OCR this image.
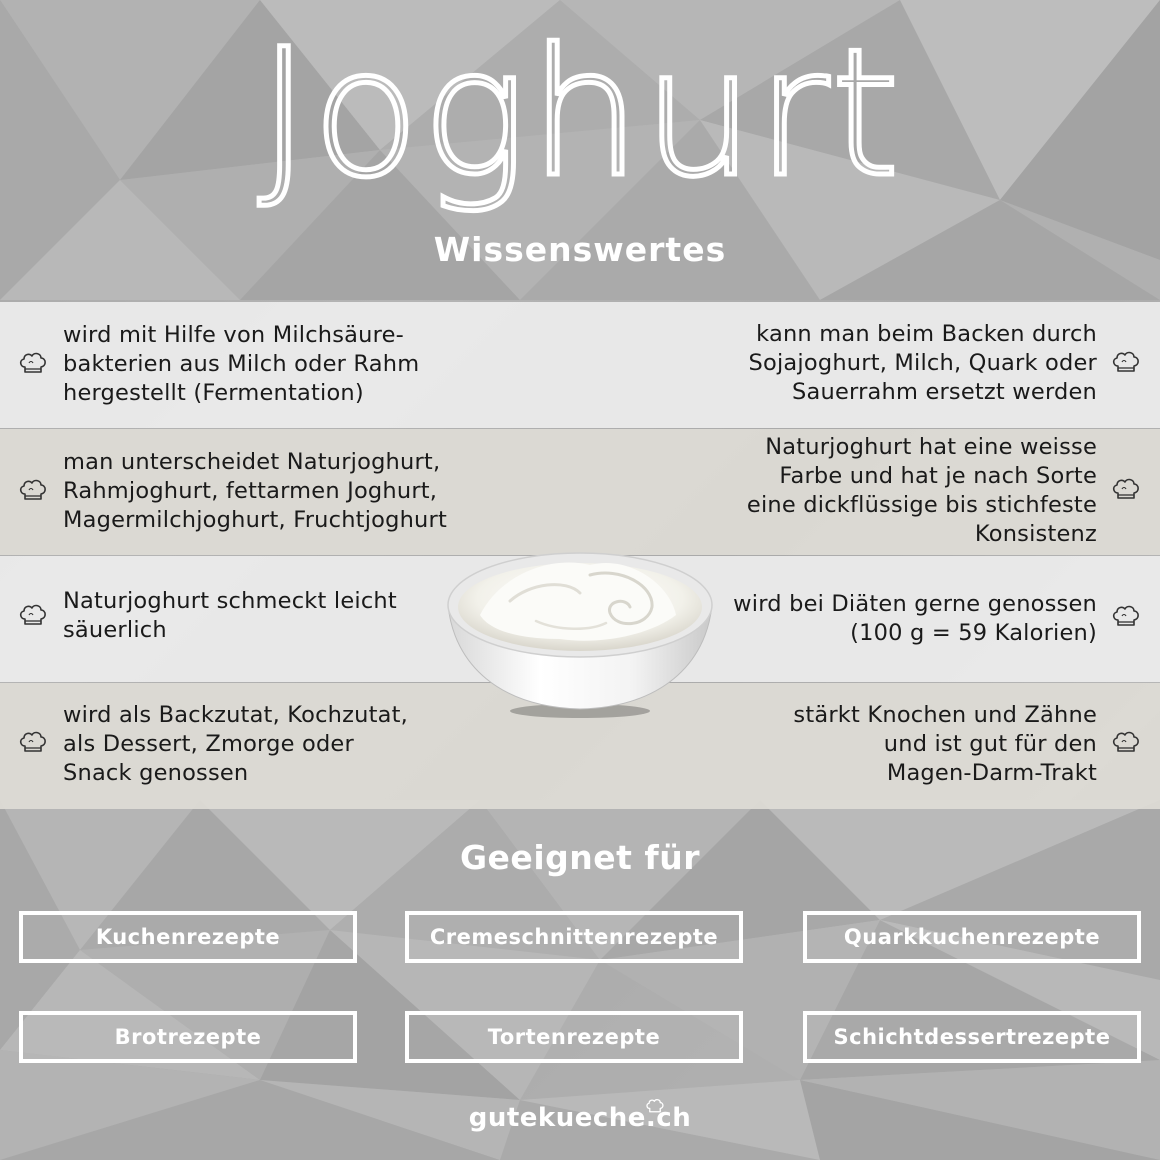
Joghurt
Wissenswertes
wird mit Hilfe von Milchsäure-
bakterien aus Milch oder Rahm
hergestellt (Fermentation)
man unterscheidet Naturjoghurt,
Rahmjoghurt, fettarmen Joghurt,
Magermilchjoghurt, Fruchtjoghurt
Naturjoghurt schmeckt leicht
säuerlich
wird als Backzutat, Kochzutat,
als Dessert, Zmorge oder
Snack genossen
kann man beim Backen durch
Sojajoghurt, Milch, Quark oder
Sauerrahm ersetzt werden
Naturjoghurt hat eine weisse
Farbe und hat je nach Sorte
eine dickflüssige bis stichfeste
Konsistenz
wird bei Diäten gerne genossen
(100 g = 59 Kalorien)
stärkt Knochen und Zähne
und ist gut für den
Magen-Darm-Trakt
Geeignet für
Kuchenrezepte	Cremeschnittenrezepte	Quarkkuchenrezepte
Brotrezepte	Tortenrezepte	Schichtdessertrezepte
gutekueche.ch
